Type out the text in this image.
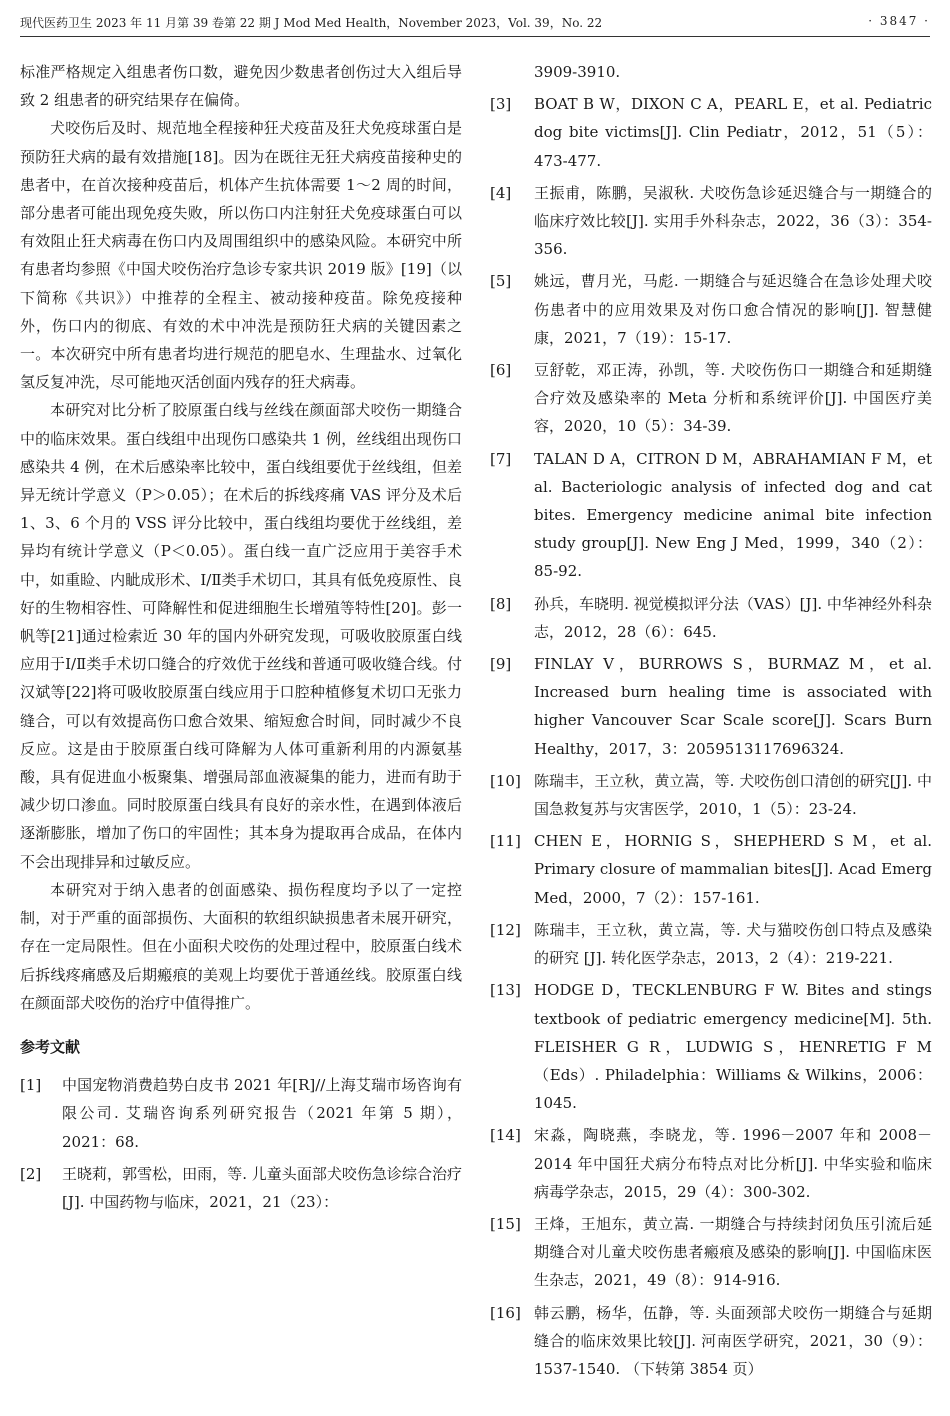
现代医药卫生 2023 年 11 月第 39 卷第 22 期 J Mod Med Health，November 2023，Vol. 39，No. 22	· 3847 ·

标准严格规定入组患者伤口数，避免因少数患者创伤过大入组后导致 2 组患者的研究结果存在偏倚。

犬咬伤后及时、规范地全程接种狂犬疫苗及狂犬免疫球蛋白是预防狂犬病的最有效措施[18]。因为在既往无狂犬病疫苗接种史的患者中，在首次接种疫苗后，机体产生抗体需要 1～2 周的时间，部分患者可能出现免疫失败，所以伤口内注射狂犬免疫球蛋白可以有效阻止狂犬病毒在伤口内及周围组织中的感染风险。本研究中所有患者均参照《中国犬咬伤治疗急诊专家共识 2019 版》[19]（以下简称《共识》）中推荐的全程主、被动接种疫苗。除免疫接种外，伤口内的彻底、有效的术中冲洗是预防狂犬病的关键因素之一。本次研究中所有患者均进行规范的肥皂水、生理盐水、过氧化氢反复冲洗，尽可能地灭活创面内残存的狂犬病毒。

本研究对比分析了胶原蛋白线与丝线在颜面部犬咬伤一期缝合中的临床效果。蛋白线组中出现伤口感染共 1 例，丝线组出现伤口感染共 4 例，在术后感染率比较中，蛋白线组要优于丝线组，但差异无统计学意义（P＞0.05）；在术后的拆线疼痛 VAS 评分及术后 1、3、6 个月的 VSS 评分比较中，蛋白线组均要优于丝线组，差异均有统计学意义（P＜0.05）。蛋白线一直广泛应用于美容手术中，如重睑、内眦成形术、Ⅰ/Ⅱ类手术切口，其具有低免疫原性、良好的生物相容性、可降解性和促进细胞生长增殖等特性[20]。彭一帆等[21]通过检索近 30 年的国内外研究发现，可吸收胶原蛋白线应用于Ⅰ/Ⅱ类手术切口缝合的疗效优于丝线和普通可吸收缝合线。付汉斌等[22]将可吸收胶原蛋白线应用于口腔种植修复术切口无张力缝合，可以有效提高伤口愈合效果、缩短愈合时间，同时减少不良反应。这是由于胶原蛋白线可降解为人体可重新利用的内源氨基酸，具有促进血小板聚集、增强局部血液凝集的能力，进而有助于减少切口渗血。同时胶原蛋白线具有良好的亲水性，在遇到体液后逐渐膨胀，增加了伤口的牢固性；其本身为提取再合成品，在体内不会出现排异和过敏反应。

本研究对于纳入患者的创面感染、损伤程度均予以了一定控制，对于严重的面部损伤、大面积的软组织缺损患者未展开研究，存在一定局限性。但在小面积犬咬伤的处理过程中，胶原蛋白线术后拆线疼痛感及后期瘢痕的美观上均要优于普通丝线。胶原蛋白线在颜面部犬咬伤的治疗中值得推广。

参考文献
[1]	中国宠物消费趋势白皮书 2021 年[R]//上海艾瑞市场咨询有限公司. 艾瑞咨询系列研究报告（2021 年第 5 期），2021：68.
[2]	王晓莉，郭雪松，田雨，等. 儿童头面部犬咬伤急诊综合治疗[J]. 中国药物与临床，2021，21（23）：
3909-3910.
[3]	BOAT B W，DIXON C A，PEARL E，et al. Pediatric dog bite victims[J]. Clin Pediatr，2012，51（5）：473-477.
[4]	王振甫，陈鹏，吴淑秋. 犬咬伤急诊延迟缝合与一期缝合的临床疗效比较[J]. 实用手外科杂志，2022，36（3）：354-356.
[5]	姚远，曹月光，马彪. 一期缝合与延迟缝合在急诊处理犬咬伤患者中的应用效果及对伤口愈合情况的影响[J]. 智慧健康，2021，7（19）：15-17.
[6]	豆舒乾，邓正涛，孙凯，等. 犬咬伤伤口一期缝合和延期缝合疗效及感染率的 Meta 分析和系统评价[J]. 中国医疗美容，2020，10（5）：34-39.
[7]	TALAN D A，CITRON D M，ABRAHAMIAN F M，et al. Bacteriologic analysis of infected dog and cat bites. Emergency medicine animal bite infection study group[J]. New Eng J Med，1999，340（2）：85-92.
[8]	孙兵，车晓明. 视觉模拟评分法（VAS）[J]. 中华神经外科杂志，2012，28（6）：645.
[9]	FINLAY V，BURROWS S，BURMAZ M，et al. Increased burn healing time is associated with higher Vancouver Scar Scale score[J]. Scars Burn Healthy，2017，3：2059513117696324.
[10] 陈瑞丰，王立秋，黄立嵩，等. 犬咬伤创口清创的研究[J]. 中国急救复苏与灾害医学，2010，1（5）：23-24.
[11] CHEN E，HORNIG S，SHEPHERD S M，et al. Primary closure of mammalian bites[J]. Acad Emerg Med，2000，7（2）：157-161.
[12] 陈瑞丰，王立秋，黄立嵩，等. 犬与猫咬伤创口特点及感染的研究 [J]. 转化医学杂志，2013，2（4）：219-221.
[13] HODGE D，TECKLENBURG F W. Bites and stings textbook of pediatric emergency medicine[M]. 5th. FLEISHER G R，LUDWIG S，HENRETIG F M（Eds）. Philadelphia：Williams & Wilkins，2006：1045.
[14] 宋淼，陶晓燕，李晓龙，等. 1996－2007 年和 2008－2014 年中国狂犬病分布特点对比分析[J]. 中华实验和临床病毒学杂志，2015，29（4）：300-302.
[15] 王烽，王旭东，黄立嵩. 一期缝合与持续封闭负压引流后延期缝合对儿童犬咬伤患者瘢痕及感染的影响[J]. 中国临床医生杂志，2021，49（8）：914-916.
[16] 韩云鹏，杨华，伍静，等. 头面颈部犬咬伤一期缝合与延期缝合的临床效果比较[J]. 河南医学研究，2021，30（9）：1537-1540. （下转第 3854 页）
